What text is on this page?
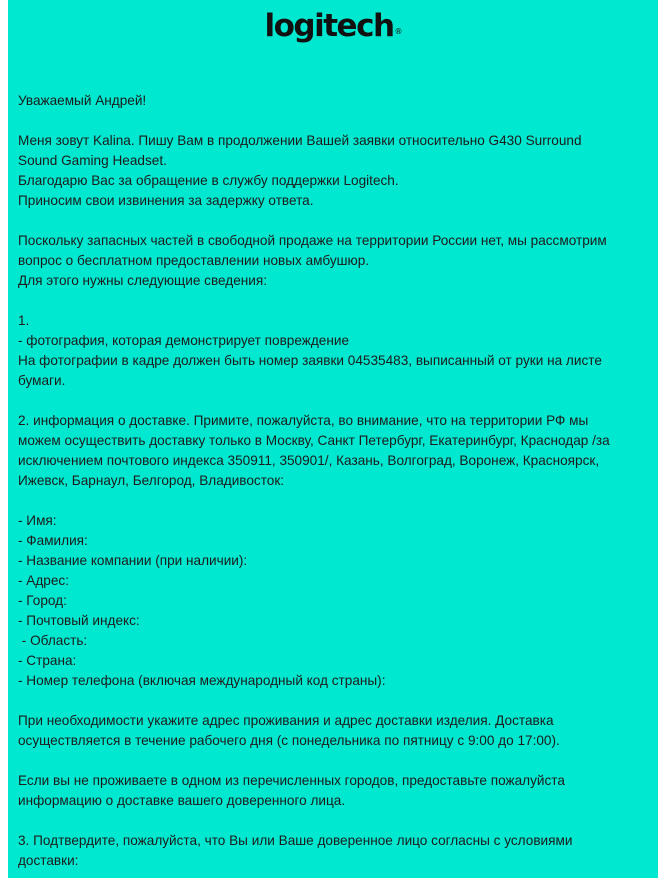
logitech®

Уважаемый Андрей!

Меня зовут Kalina. Пишу Вам в продолжении Вашей заявки относительно G430 Surround
Sound Gaming Headset.
Благодарю Вас за обращение в службу поддержки Logitech.
Приносим свои извинения за задержку ответа.

Поскольку запасных частей в свободной продаже на территории России нет, мы рассмотрим
вопрос о бесплатном предоставлении новых амбушюр.
Для этого нужны следующие сведения:

1.
- фотография, которая демонстрирует повреждение
На фотографии в кадре должен быть номер заявки 04535483, выписанный от руки на листе
бумаги.

2. информация о доставке. Примите, пожалуйста, во внимание, что на территории РФ мы
можем осуществить доставку только в Москву, Санкт Петербург, Екатеринбург, Краснодар /за
исключением почтового индекса 350911, 350901/, Казань, Волгоград, Воронеж, Красноярск,
Ижевск, Барнаул, Белгород, Владивосток:

- Имя:
- Фамилия:
- Название компании (при наличии):
- Адрес:
- Город:
- Почтовый индекс:
- Область:
- Страна:
- Номер телефона (включая международный код страны):

При необходимости укажите адрес проживания и адрес доставки изделия. Доставка
осуществляется в течение рабочего дня (с понедельника по пятницу с 9:00 до 17:00).

Если вы не проживаете в одном из перечисленных городов, предоставьте пожалуйста
информацию о доставке вашего доверенного лица.

3. Подтвердите, пожалуйста, что Вы или Ваше доверенное лицо согласны с условиями
доставки:
